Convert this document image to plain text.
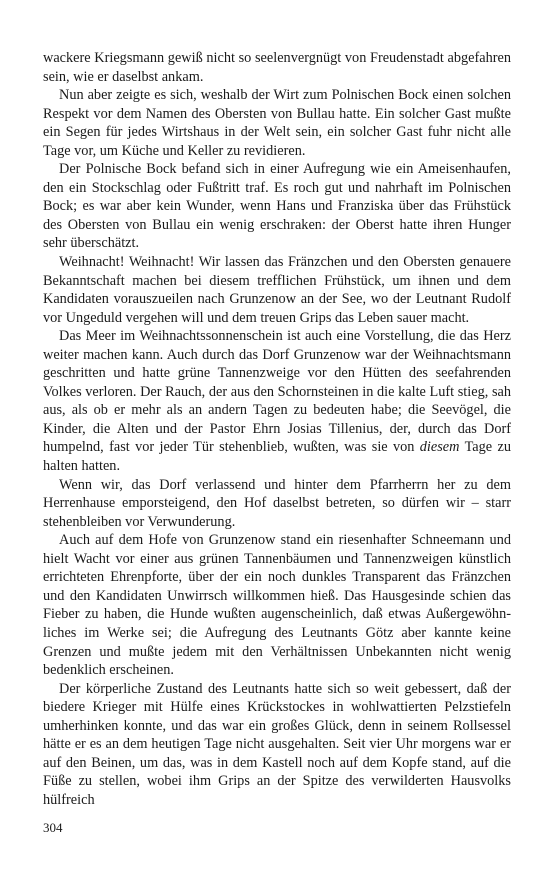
wackere Kriegsmann gewiß nicht so seelenvergnügt von Freudenstadt abgefahren sein, wie er daselbst ankam.

Nun aber zeigte es sich, weshalb der Wirt zum Polnischen Bock einen solchen Respekt vor dem Namen des Obersten von Bullau hatte. Ein solcher Gast mußte ein Segen für jedes Wirtshaus in der Welt sein, ein solcher Gast fuhr nicht alle Tage vor, um Küche und Keller zu revidieren.

Der Polnische Bock befand sich in einer Aufregung wie ein Ameisenhaufen, den ein Stockschlag oder Fußtritt traf. Es roch gut und nahrhaft im Polnischen Bock; es war aber kein Wunder, wenn Hans und Franziska über das Frühstück des Obersten von Bullau ein wenig erschraken: der Oberst hatte ihren Hunger sehr überschätzt.

Weihnacht! Weihnacht! Wir lassen das Fränzchen und den Obersten genauere Bekanntschaft machen bei diesem trefflichen Frühstück, um ihnen und dem Kandidaten vorauszueilen nach Grunzenow an der See, wo der Leutnant Rudolf vor Ungeduld vergehen will und dem treuen Grips das Leben sauer macht.

Das Meer im Weihnachtssonnenschein ist auch eine Vorstellung, die das Herz weiter machen kann. Auch durch das Dorf Grunzenow war der Weihnachtsmann geschritten und hatte grüne Tannenzweige vor den Hütten des seefahrenden Volkes verloren. Der Rauch, der aus den Schornsteinen in die kalte Luft stieg, sah aus, als ob er mehr als an andern Tagen zu bedeuten habe; die Seevögel, die Kinder, die Alten und der Pastor Ehrn Josias Tillenius, der, durch das Dorf humpelnd, fast vor jeder Tür stehenblieb, wußten, was sie von diesem Tage zu halten hatten.

Wenn wir, das Dorf verlassend und hinter dem Pfarrherrn her zu dem Herrenhause emporsteigend, den Hof daselbst betreten, so dürfen wir – starr stehenbleiben vor Verwunderung.

Auch auf dem Hofe von Grunzenow stand ein riesenhafter Schneemann und hielt Wacht vor einer aus grünen Tannenbäumen und Tannenzweigen künstlich errichteten Ehrenpforte, über der ein noch dunkles Transparent das Fränzchen und den Kandidaten Unwirrsch willkommen hieß. Das Hausgesinde schien das Fieber zu haben, die Hunde wußten augenscheinlich, daß etwas Außergewöhnliches im Werke sei; die Aufregung des Leutnants Götz aber kannte keine Grenzen und mußte jedem mit den Verhältnissen Unbekannten nicht wenig bedenklich erscheinen.

Der körperliche Zustand des Leutnants hatte sich so weit gebessert, daß der biedere Krieger mit Hülfe eines Krückstockes in wohlwattierten Pelzstiefeln umherhinken konnte, und das war ein großes Glück, denn in seinem Rollsessel hätte er es an dem heutigen Tage nicht ausgehalten. Seit vier Uhr morgens war er auf den Beinen, um das, was in dem Kastell noch auf dem Kopfe stand, auf die Füße zu stellen, wobei ihm Grips an der Spitze des verwilderten Hausvolks hülfreich

304
